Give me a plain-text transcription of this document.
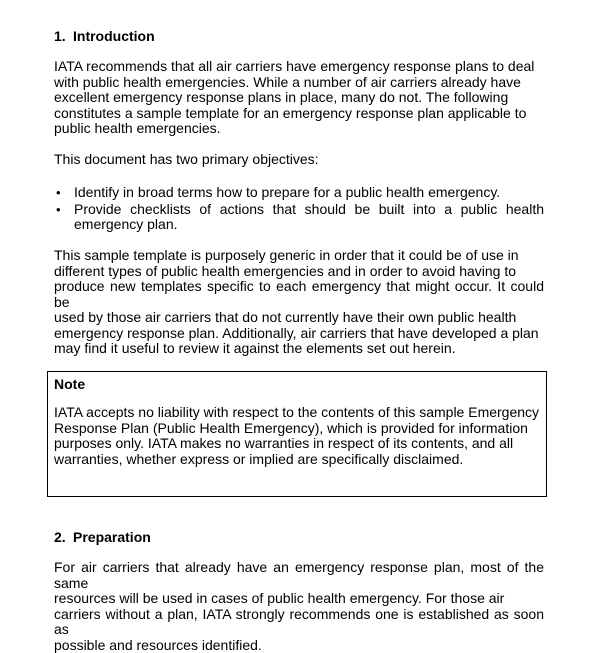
1. Introduction
IATA recommends that all air carriers have emergency response plans to deal
with public health emergencies. While a number of air carriers already have
excellent emergency response plans in place, many do not. The following
constitutes a sample template for an emergency response plan applicable to
public health emergencies.
This document has two primary objectives:
• Identify in broad terms how to prepare for a public health emergency.
• Provide checklists of actions that should be built into a public health emergency plan.
This sample template is purposely generic in order that it could be of use in
different types of public health emergencies and in order to avoid having to
produce new templates specific to each emergency that might occur. It could be
used by those air carriers that do not currently have their own public health
emergency response plan. Additionally, air carriers that have developed a plan
may find it useful to review it against the elements set out herein.
Note
IATA accepts no liability with respect to the contents of this sample Emergency
Response Plan (Public Health Emergency), which is provided for information
purposes only. IATA makes no warranties in respect of its contents, and all
warranties, whether express or implied are specifically disclaimed.
2. Preparation
For air carriers that already have an emergency response plan, most of the same
resources will be used in cases of public health emergency. For those air
carriers without a plan, IATA strongly recommends one is established as soon as
possible and resources identified.
